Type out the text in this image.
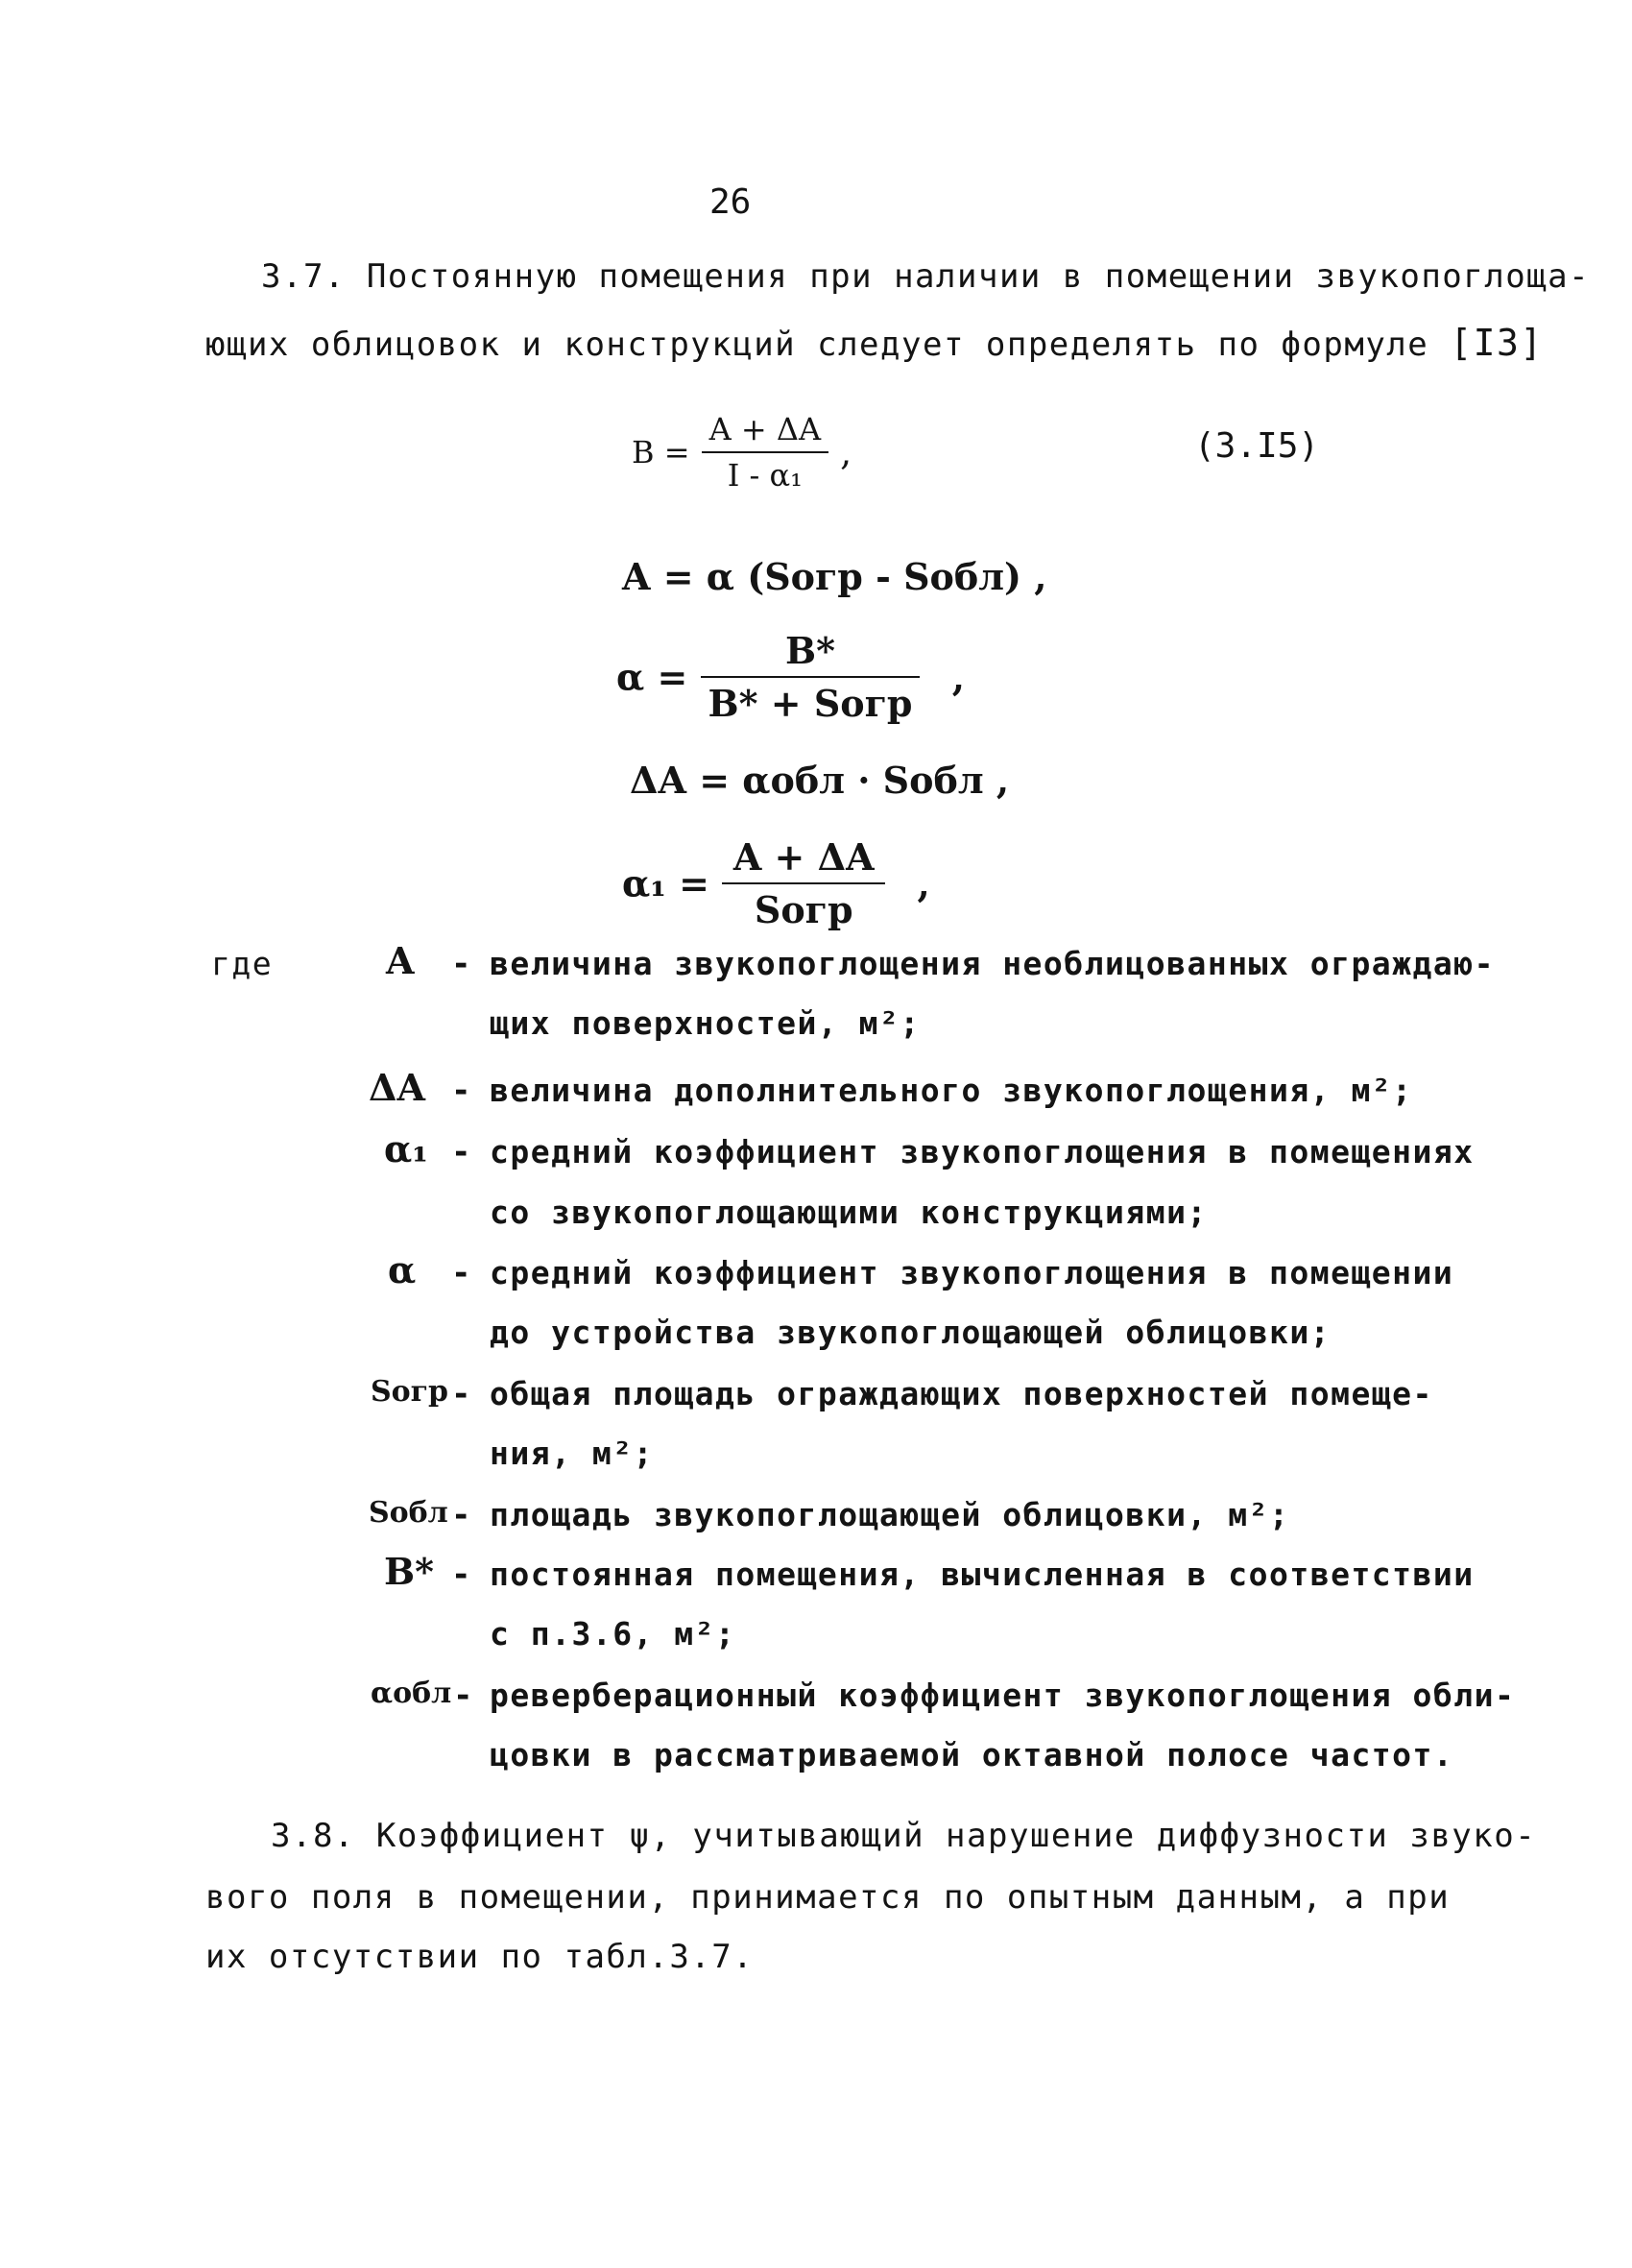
26
3.7. Постоянную помещения при наличии в помещении звукопоглоща-
ющих облицовок и конструкций следует определять по формуле [I3]
$B = \frac{A + \Delta A}{\text{I - α₁}}$ ,	(3.I5)
A = α (Sогр - Sобл) ,
$\alpha = \frac{B*}{\text{B* + Sогр}}$ ,
ΔA = αобл · Sобл ,
$\alpha_1 = \frac{A + \Delta A}{\text{Sогр}}$ ,
где	A - величина звукопоглощения необлицованных ограждаю-
щих поверхностей, м²;
ΔA - величина дополнительного звукопоглощения, м²;
α₁ - средний коэффициент звукопоглощения в помещениях
со звукопоглощающими конструкциями;
α - средний коэффициент звукопоглощения в помещении
до устройства звукопоглощающей облицовки;
Sогр - общая площадь ограждающих поверхностей помеще-
ния, м²;
Sобл - площадь звукопоглощающей облицовки, м²;
B* - постоянная помещения, вычисленная в соответствии
с п.3.6, м²;
αобл - реверберационный коэффициент звукопоглощения обли-
цовки в рассматриваемой октавной полосе частот.
3.8. Коэффициент ψ, учитывающий нарушение диффузности звуко-
вого поля в помещении, принимается по опытным данным, а при
их отсутствии по табл.3.7.
